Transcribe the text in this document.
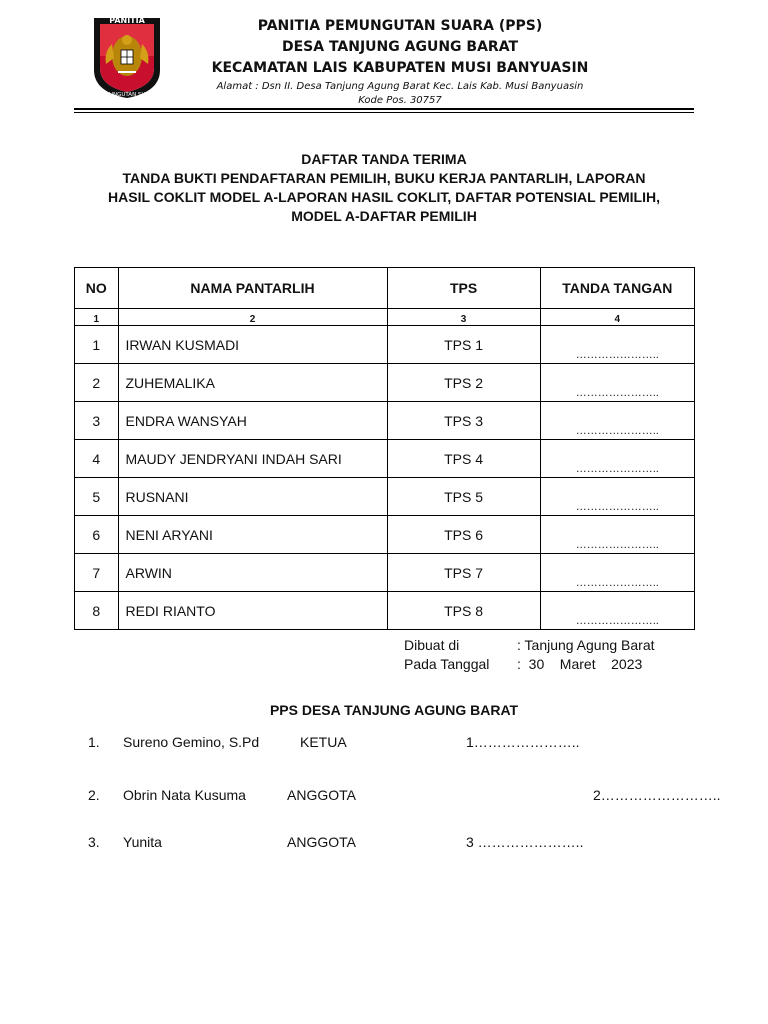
PANITIA
PEMUNGUTAN SUARA
PANITIA PEMUNGUTAN SUARA (PPS)
DESA TANJUNG AGUNG BARAT
KECAMATAN LAIS KABUPATEN MUSI BANYUASIN
Alamat : Dsn II. Desa Tanjung Agung Barat Kec. Lais Kab. Musi Banyuasin
Kode Pos. 30757
DAFTAR TANDA TERIMA
TANDA BUKTI PENDAFTARAN PEMILIH, BUKU KERJA PANTARLIH, LAPORAN
HASIL COKLIT MODEL A-LAPORAN HASIL COKLIT, DAFTAR POTENSIAL PEMILIH,
MODEL A-DAFTAR PEMILIH
NO	NAMA PANTARLIH	TPS	TANDA TANGAN
1	2	3	4
1	IRWAN KUSMADI	TPS 1	…………………..
2	ZUHEMALIKA	TPS 2	…………………..
3	ENDRA WANSYAH	TPS 3	…………………..
4	MAUDY JENDRYANI INDAH SARI	TPS 4	…………………..
5	RUSNANI	TPS 5	…………………..
6	NENI ARYANI	TPS 6	…………………..
7	ARWIN	TPS 7	…………………..
8	REDI RIANTO	TPS 8	…………………..
Dibuat di	: Tanjung Agung Barat
Pada Tanggal :  30    Maret    2023
PPS DESA TANJUNG AGUNG BARAT
1. Sureno Gemino, S.Pd	KETUA	1…………………..
2. Obrin Nata Kusuma	ANGGOTA	2……………………..
3. Yunita	ANGGOTA	3 …………………..
